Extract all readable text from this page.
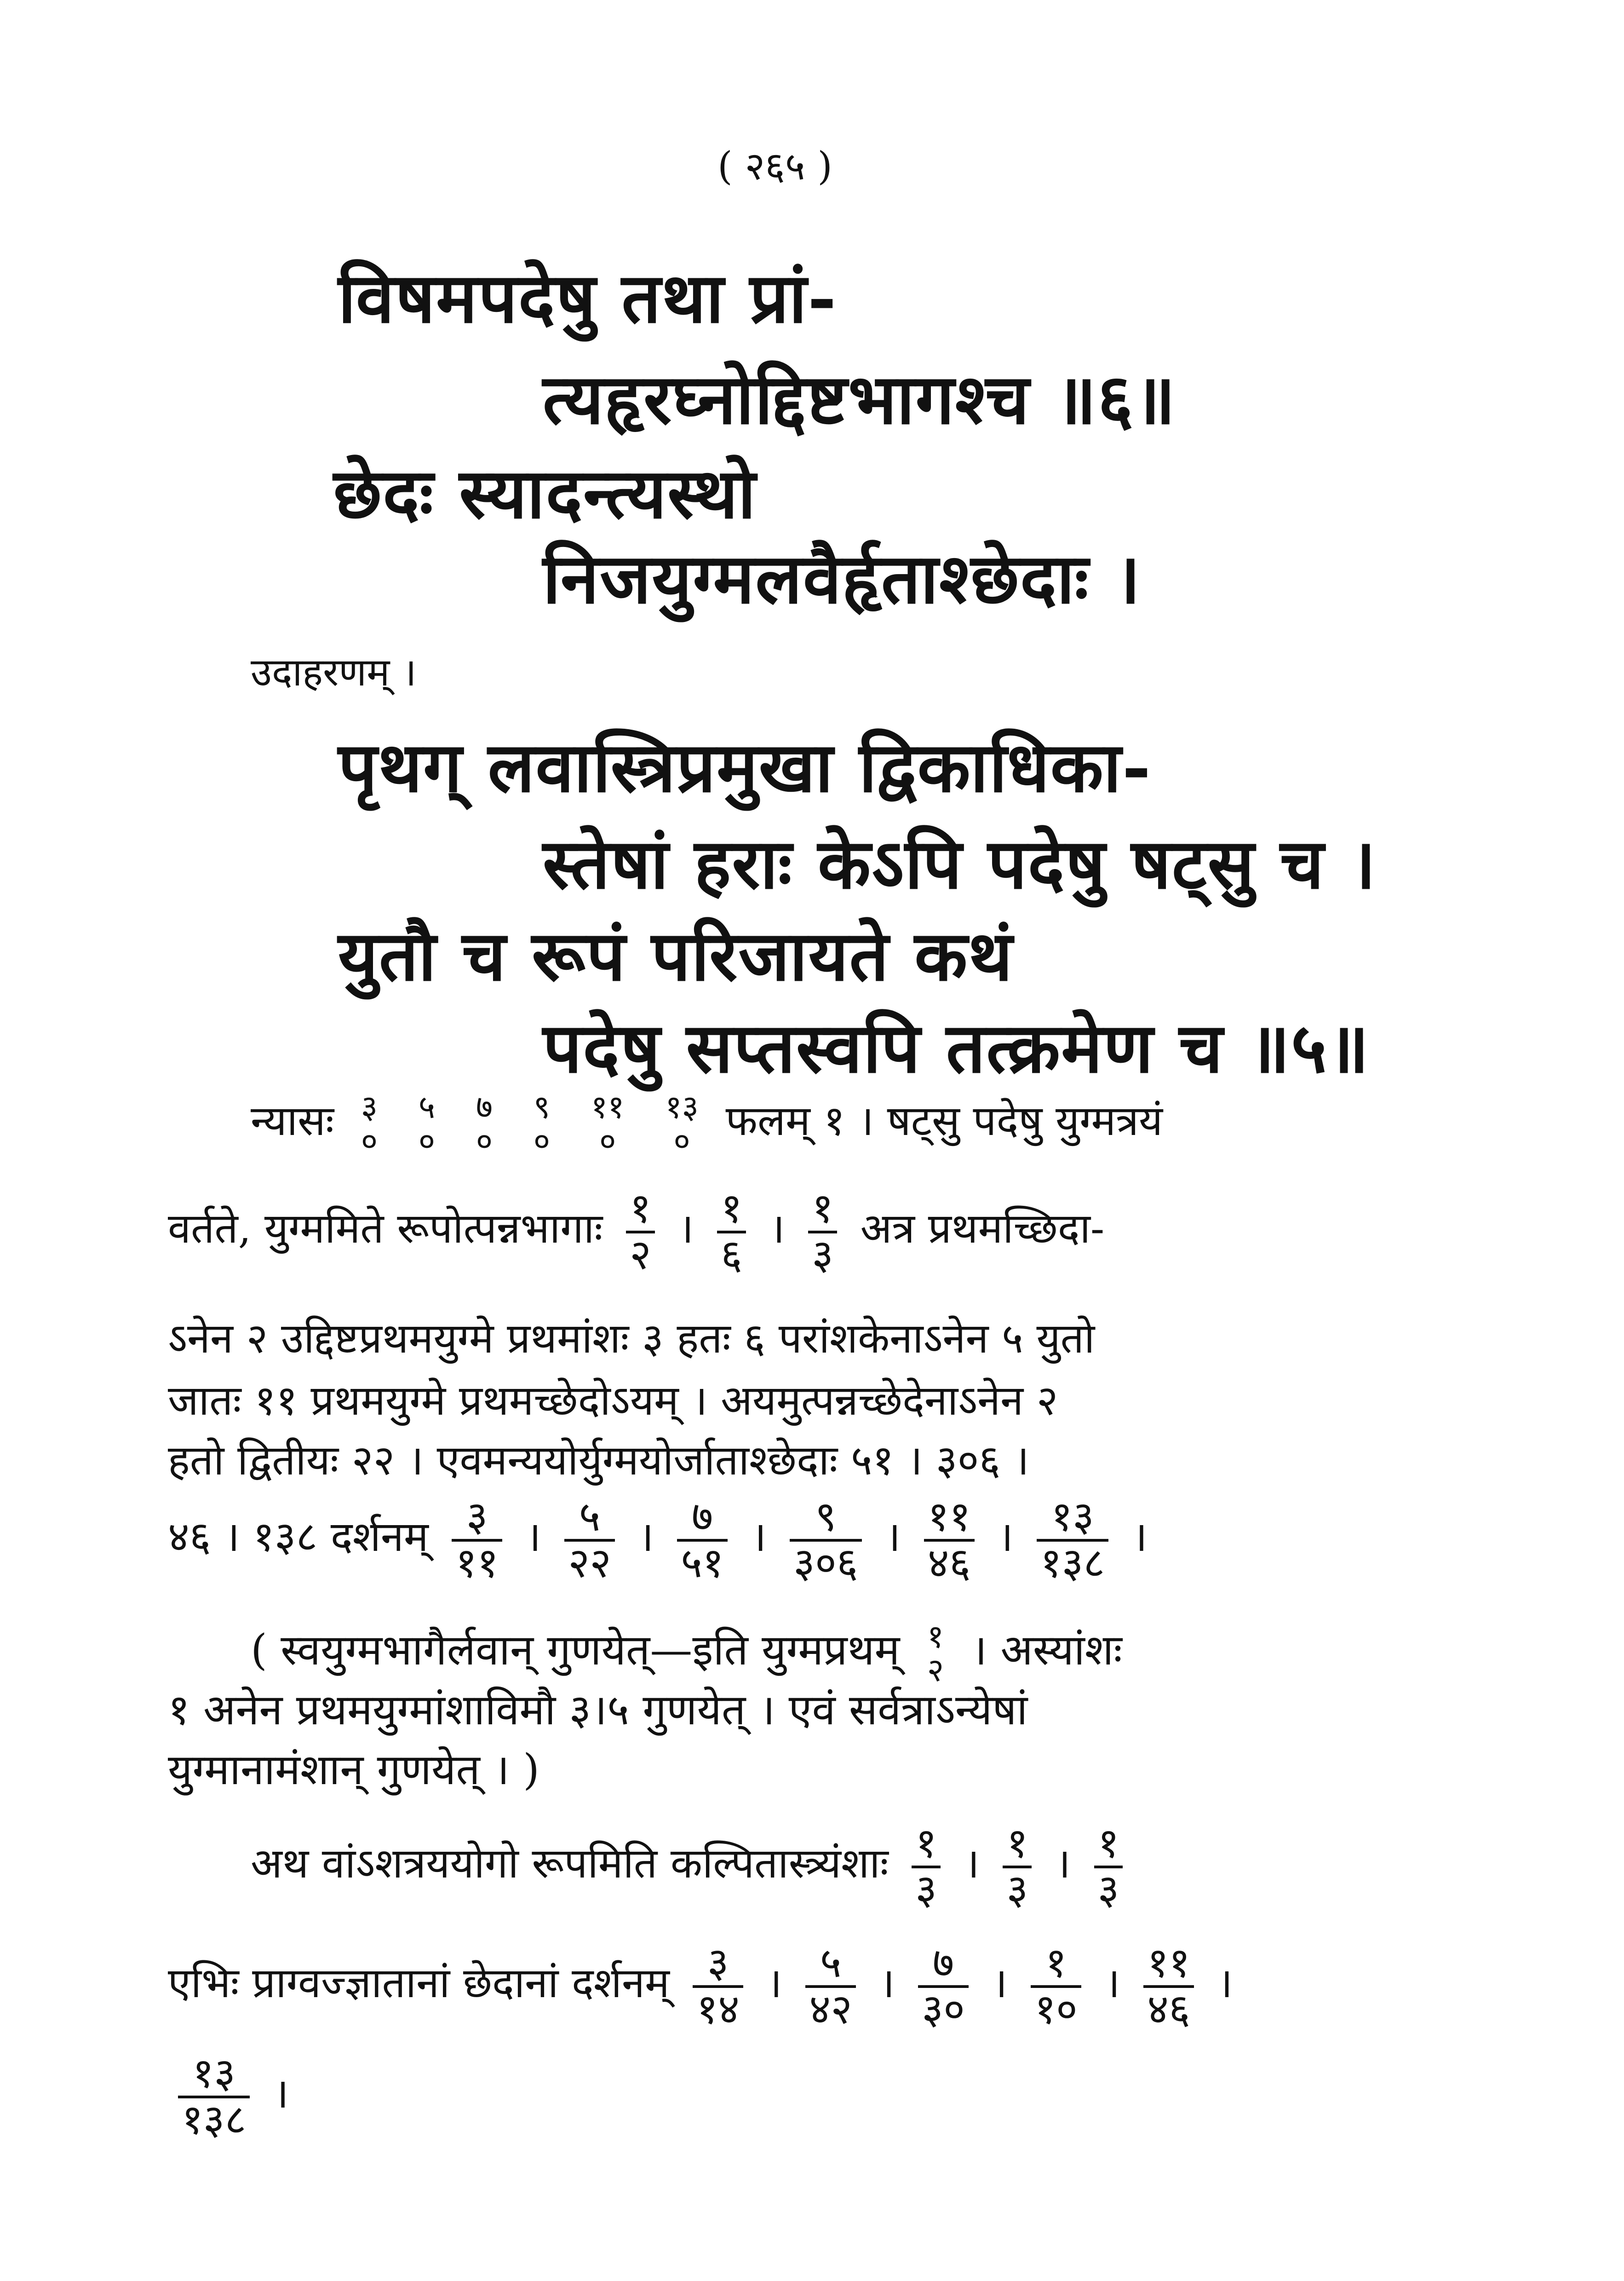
( २६५ )
विषमपदेषु तथा प्रां-
त्यहृरघ्नोद्दिष्टभागश्च ॥६॥
छेदः स्यादन्त्यस्थो
निजयुग्मलवैर्हृताश्छेदाः ।
उदाहरणम् ।
पृथग् लवास्त्रिप्रमुखा द्विकाधिका-
स्तेषां हराः केऽपि पदेषु षट्सु च ।
युतौ च रूपं परिजायते कथं
पदेषु सप्तस्वपि तत्क्रमेण च ॥५॥
न्यासः ३
०

५
०

७
०

९
०

११
०

१३
० फलम् १ । षट्सु पदेषु युग्मत्रयं
वर्तते, युग्ममिते रूपोत्पन्नभागाः $\frac{१}{२}$ । $\frac{१}{६}$ । $\frac{१}{३}$ अत्र प्रथमच्छिदा-
ऽनेन २ उद्दिष्टप्रथमयुग्मे प्रथमांशः ३ हतः ६ परांशकेनाऽनेन ५ युतो
जातः ११ प्रथमयुग्मे प्रथमच्छेदोऽयम् । अयमुत्पन्नच्छेदेनाऽनेन २
हतो द्वितीयः २२ । एवमन्ययोर्युग्मयोर्जाताश्छेदाः ५१ । ३०६ ।
४६ । १३८ दर्शनम् $\frac{३}{११}$ । $\frac{५}{२२}$ । $\frac{७}{५१}$ । $\frac{९}{३०६}$ । $\frac{११}{४६}$ । $\frac{१३}{१३८}$ ।
( स्वयुग्मभागैर्लवान् गुणयेत्—इति युग्मप्रथम् १
२ । अस्यांशः
१ अनेन प्रथमयुग्मांशाविमौ ३।५ गुणयेत् । एवं सर्वत्राऽन्येषां
युग्मानामंशान् गुणयेत् । )
अथ वांऽशत्रययोगो रूपमिति कल्पितास्त्र्यंशाः $\frac{१}{३}$ । $\frac{१}{३}$ । $\frac{१}{३}$
एभिः प्राग्वज्ज्ञातानां छेदानां दर्शनम् $\frac{३}{१४}$ । $\frac{५}{४२}$ । $\frac{७}{३०}$ । $\frac{१}{१०}$ । $\frac{११}{४६}$ ।
$\frac{१३}{१३८}$ ।
